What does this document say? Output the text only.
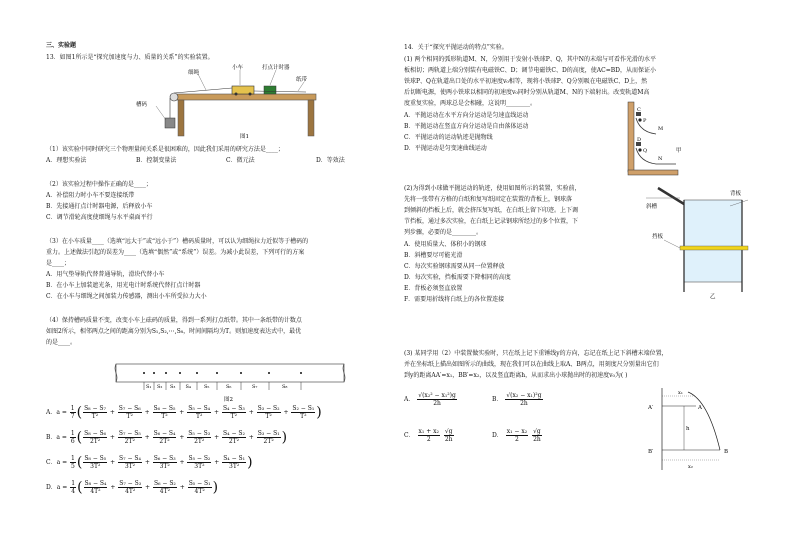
三、实验题
13．如图1所示是“探究加速度与力、质量的关系”的实验装置。
细绳
小车	打点计时器
纸带
槽码
图1
（1）该实验中同时研究三个物理量间关系是很困难的，因此我们采用的研究方法是____；
A．理想实验法	B．控制变量法	C．微元法	D．等效法
（2）该实验过程中操作正确的是____；
A．补偿阻力时小车不要连接纸带
B．先接通打点计时器电源，后释放小车
C．调节滑轮高度使细绳与水平桌面平行
（3）在小车质量____（选填“远大于”或“远小于”）槽码质量时，可以认为细绳拉力近似等于槽码的
重力。上述做法引起的误差为____（选填“偶然”或“系统”）误差。为减小此误差，下列可行的方案
是____；
A．用气垫导轨代替普通导轨，滑块代替小车
B．在小车上加装遮光条，用光电计时系统代替打点计时器
C．在小车与细绳之间加装力传感器，测出小车所受拉力大小
（4）保持槽码质量不变，改变小车上砝码的质量，得到一系列打点纸带。其中一条纸带的计数点
如图2所示，相邻两点之间的距离分别为S₁,S₂,⋯,S₈，时间间隔均为T。则加速度表达式中，最优
的是____。
S₁ S₂ S₃ S₄	S₅	S₆	S₇	S₈
图2
A．$a = \frac{1}{7}$ ( $\frac{\text{S₈ − S₇}}{\text{T²}} + \frac{\text{S₇ − S₆}}{\text{T²}} + \frac{\text{S₆ − S₅}}{\text{T²}} + \frac{\text{S₅ − S₄}}{\text{T²}} + \frac{\text{S₄ − S₃}}{\text{T²}} + \frac{\text{S₃ − S₂}}{\text{T²}} + \frac{\text{S₂ − S₁}}{\text{T²}}$ )
B．$a = \frac{1}{6}$ ( $\frac{\text{S₈ − S₆}}{\text{2T²}} + \frac{\text{S₇ − S₅}}{\text{2T²}} + \frac{\text{S₆ − S₄}}{\text{2T²}} + \frac{\text{S₅ − S₃}}{\text{2T²}} + \frac{\text{S₄ − S₂}}{\text{2T²}} + \frac{\text{S₃ − S₁}}{\text{2T²}}$ )
C．$a = \frac{1}{5}$ ( $\frac{\text{S₈ − S₅}}{\text{3T²}} + \frac{\text{S₇ − S₄}}{\text{3T²}} + \frac{\text{S₆ − S₃}}{\text{3T²}} + \frac{\text{S₅ − S₂}}{\text{3T²}} + \frac{\text{S₄ − S₁}}{\text{3T²}}$ )
D．$a = \frac{1}{4}$ ( $\frac{\text{S₈ − S₄}}{\text{4T²}} + \frac{\text{S₇ − S₃}}{\text{4T²}} + \frac{\text{S₆ − S₂}}{\text{4T²}} + \frac{\text{S₅ − S₁}}{\text{4T²}}$ )
14．关于“探究平抛运动的特点”实验。
(1) 两个相同的弧形轨道M、N，分别用于发射小铁球P、Q，其中N的末端与可看作光滑的水平
板相切；两轨道上端分别装有电磁铁C、D；调节电磁铁C、D的高度，使AC=BD，从而保证小
铁球P、Q在轨道出口处的水平初速度v₀相等，现将小铁球P、Q分别吸在电磁铁C、D上，然
后切断电源，使两小铁球以相同的初速度v₀同时分别从轨道M、N的下端射出。改变轨道M高
度重复实验，两球总是会相碰，这说明________。
A．平抛运动在水平方向分运动是匀速直线运动
B．平抛运动在竖直方向分运动是自由落体运动
C．平抛运动的运动轨迹是抛物线
D．平抛运动是匀变速曲线运动
C
M
D
N
P
Q	甲
(2)为得到小球做平抛运动的轨迹，使用如图所示的装置，实验前，
先将一张带有方格的白纸和复写纸固定在装置的背板上，钢球落
到倾斜的挡板上后，就会挤压复写纸，在白纸上留下印迹。上下调
节挡板，通过多次实验，在白纸上记录钢球所经过的多个位置，下
列步骤，必要的是________。
A．使用质量大、体积小的钢球
B．斜槽要尽可能光滑
C．每次实验钢球需要从同一位置释放
D．每次实验，挡板需要下降相同的高度
E．背板必须竖直放置
F．需要用折线将白纸上的各位置连接
斜槽
背板
挡板
乙
(3) 某同学用（2）中装置做实验时，只在纸上记下重锤线y的方向，忘记在纸上记下斜槽末端位置，
并在坐标纸上描出如图所示的曲线，现在我们可以在曲线上取A、B两点，用刻度尺分别量出它们
到y的距离AA′=x₁，BB′=x₂，以及竖直距离h，从而求出小球抛出时的初速度v₀为( )
A． $\frac{\text{√(x₂² − x₁²)g}}{2h}$	B． $\frac{\text{√(x₂ − x₁)²g}}{2h}$
C． $\frac{\text{x₁ + x₂}}{2}$
$\frac{√g}{2h}$	D． $\frac{\text{x₁ − x₂}}{2}$
$\frac{√g}{2h}$
A′	A
h
B′	B
x₁
x₂
